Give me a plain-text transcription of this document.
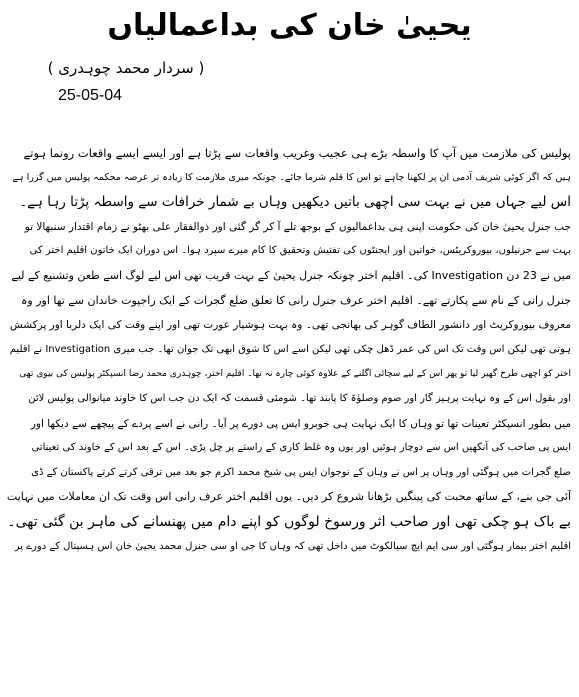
یحییٰ خان کی بداعمالیاں
( سردار محمد چوہدری )
25-05-04
پولیس کی ملازمت میں آپ کا واسطہ بڑے ہی عجیب وغریب واقعات سے پڑتا ہے اور ایسے ایسے واقعات رونما ہوتے
ہیں کہ اگر کوئی شریف آدمی ان پر لکھنا چاہے تو اس کا قلم شرما جائے۔ چونکہ میری ملازمت کا زیادہ تر عرصہ محکمہ پولیس میں گزرا ہے
اس لیے جہاں میں نے بہت سی اچھی باتیں دیکھیں وہاں بے شمار خرافات سے واسطہ پڑتا رہا ہے۔
جب جنرل یحییٰ خان کی حکومت اپنی ہی بداعمالیوں کے بوجھ تلے آ کر گر گئی اور ذوالفقار علی بھٹو نے زمام اقتدار سنبھالا تو
بہت سے جرنیلوں، بیوروکریٹس، خواتین اور ایجنٹوں کی تفتیش وتحقیق کا کام میرے سپرد ہوا۔ اس دوران ایک خاتون اقلیم اختر کی
میں نے 23 دن Investigation کی۔ اقلیم اختر چونکہ جنرل یحییٰ کے بہت قریب تھی اس لیے لوگ اسے طعن وتشنیع کے لیے
جنرل رانی کے نام سے پکارتے تھے۔ اقلیم اختر عرف جنرل رانی کا تعلق ضلع گجرات کے ایک راجپوت خاندان سے تھا اور وہ
معروف بیوروکریٹ اور دانشور الطاف گوہر کی بھانجی تھی۔ وہ بہت ہوشیار عورت تھی اور اپنے وقت کی ایک دلربا اور پرکشش
ہوتی تھی لیکن اس وقت تک اس کی عمر ڈھل چکی تھی لیکن اسے اس کا شوق ابھی تک جوان تھا۔ جب میری Investigation نے اقلیم
اختر کو اچھی طرح گھیر لیا تو پھر اس کے لیے سچائی اگلنے کے علاوہ کوئی چارہ نہ تھا۔ اقلیم اختر، چوہدری محمد رضا انسپکٹر پولیس کی بیوی تھی
اور بقول اس کے وہ نہایت پرہیز گار اور صوم وصلوٰۃ کا پابند تھا۔ شومئی قسمت کہ ایک دن جب اس کا خاوند میانوالی پولیس لائن
میں بطور انسپکٹر تعینات تھا تو وہاں کا ایک نہایت ہی خوبرو ایس پی دورے پر آیا۔ رانی نے اسے پردے کے پیچھے سے دیکھا اور
ایس پی صاحب کی آنکھیں اس سے دوچار ہوئیں اور یوں وہ غلط کاری کے راستے پر چل پڑی۔ اس کے بعد اس کے خاوند کی تعیناتی
ضلع گجرات میں ہوگئی اور وہاں پر اس نے وہاں کے نوجوان ایس پی شیخ محمد اکرم جو بعد میں ترقی کرتے کرتے پاکستان کے ڈی
آئی جی بنے، کے ساتھ محبت کی پینگیں بڑھانا شروع کر دیں۔ یوں اقلیم اختر عرف رانی اس وقت تک ان معاملات میں نہایت
بے باک ہو چکی تھی اور صاحب اثر ورسوخ لوگوں کو اپنے دام میں پھنسانے کی ماہر بن گئی تھی۔
اقلیم اختر بیمار ہوگئی اور سی ایم ایچ سیالکوٹ میں داخل تھی کہ وہاں کا جی او سی جنرل محمد یحییٰ خان اس ہسپتال کے دورے پر
